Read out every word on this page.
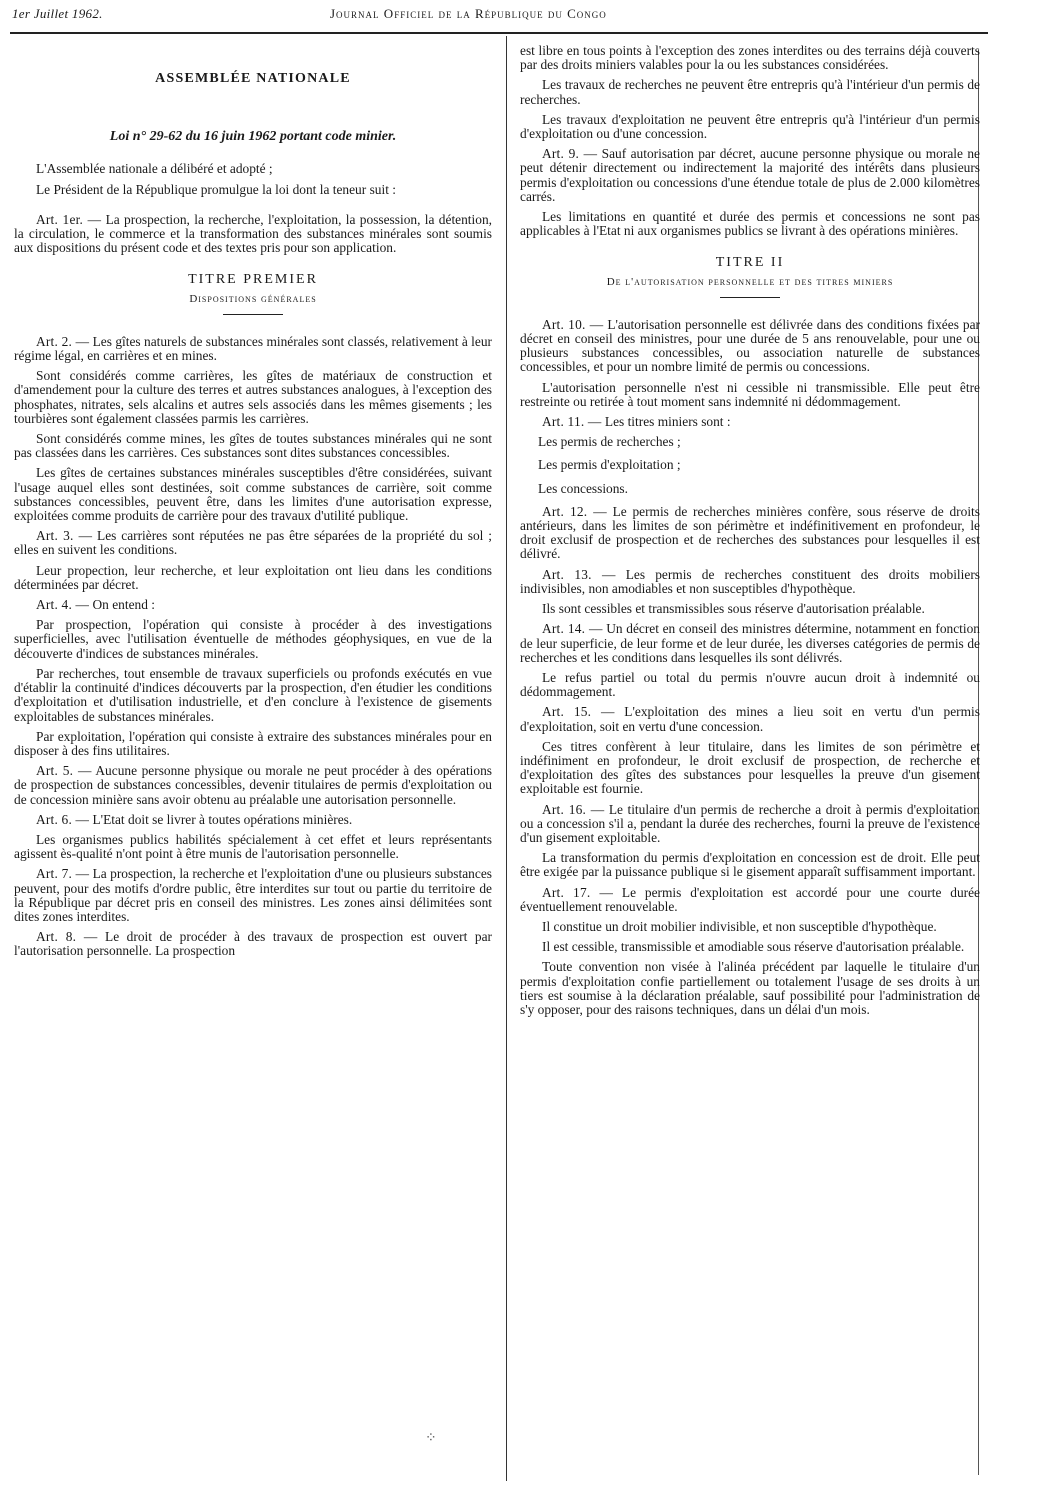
1er Juillet 1962.	Journal Officiel de la République du Congo
ASSEMBLÉE NATIONALE
Loi n° 29-62 du 16 juin 1962 portant code minier.

L'Assemblée nationale a délibéré et adopté ;

Le Président de la République promulgue la loi dont la teneur suit :

Art. 1er. — La prospection, la recherche, l'exploitation, la possession, la détention, la circulation, le commerce et la transformation des substances minérales sont soumis aux dispositions du présent code et des textes pris pour son application.

TITRE PREMIER
Dispositions générales

Art. 2. — Les gîtes naturels de substances minérales sont classés, relativement à leur régime légal, en carrières et en mines.

Sont considérés comme carrières, les gîtes de matériaux de construction et d'amendement pour la culture des terres et autres substances analogues, à l'exception des phosphates, nitrates, sels alcalins et autres sels associés dans les mêmes gisements ; les tourbières sont également classées parmis les carrières.

Sont considérés comme mines, les gîtes de toutes substances minérales qui ne sont pas classées dans les carrières. Ces substances sont dites substances concessibles.

Les gîtes de certaines substances minérales susceptibles d'être considérées, suivant l'usage auquel elles sont destinées, soit comme substances de carrière, soit comme substances concessibles, peuvent être, dans les limites d'une autorisation expresse, exploitées comme produits de carrière pour des travaux d'utilité publique.

Art. 3. — Les carrières sont réputées ne pas être séparées de la propriété du sol ; elles en suivent les conditions.

Leur propection, leur recherche, et leur exploitation ont lieu dans les conditions déterminées par décret.

Art. 4. — On entend :

Par prospection, l'opération qui consiste à procéder à des investigations superficielles, avec l'utilisation éventuelle de méthodes géophysiques, en vue de la découverte d'indices de substances minérales.

Par recherches, tout ensemble de travaux superficiels ou profonds exécutés en vue d'établir la continuité d'indices découverts par la prospection, d'en étudier les conditions d'exploitation et d'utilisation industrielle, et d'en conclure à l'existence de gisements exploitables de substances minérales.

Par exploitation, l'opération qui consiste à extraire des substances minérales pour en disposer à des fins utilitaires.

Art. 5. — Aucune personne physique ou morale ne peut procéder à des opérations de prospection de substances concessibles, devenir titulaires de permis d'exploitation ou de concession minière sans avoir obtenu au préalable une autorisation personnelle.

Art. 6. — L'Etat doit se livrer à toutes opérations minières.

Les organismes publics habilités spécialement à cet effet et leurs représentants agissent ès-qualité n'ont point à être munis de l'autorisation personnelle.

Art. 7. — La prospection, la recherche et l'exploitation d'une ou plusieurs substances peuvent, pour des motifs d'ordre public, être interdites sur tout ou partie du territoire de la République par décret pris en conseil des ministres. Les zones ainsi délimitées sont dites zones interdites.

Art. 8. — Le droit de procéder à des travaux de prospection est ouvert par l'autorisation personnelle. La prospection

est libre en tous points à l'exception des zones interdites ou des terrains déjà couverts par des droits miniers valables pour la ou les substances considérées.

Les travaux de recherches ne peuvent être entrepris qu'à l'intérieur d'un permis de recherches.

Les travaux d'exploitation ne peuvent être entrepris qu'à l'intérieur d'un permis d'exploitation ou d'une concession.

Art. 9. — Sauf autorisation par décret, aucune personne physique ou morale ne peut détenir directement ou indirectement la majorité des intérêts dans plusieurs permis d'exploitation ou concessions d'une étendue totale de plus de 2.000 kilomètres carrés.

Les limitations en quantité et durée des permis et concessions ne sont pas applicables à l'Etat ni aux organismes publics se livrant à des opérations minières.

TITRE II
De l'autorisation personnelle et des titres miniers

Art. 10. — L'autorisation personnelle est délivrée dans des conditions fixées par décret en conseil des ministres, pour une durée de 5 ans renouvelable, pour une ou plusieurs substances concessibles, ou association naturelle de substances concessibles, et pour un nombre limité de permis ou concessions.

L'autorisation personnelle n'est ni cessible ni transmissible. Elle peut être restreinte ou retirée à tout moment sans indemnité ni dédommagement.

Art. 11. — Les titres miniers sont :

Les permis de recherches ;

Les permis d'exploitation ;

Les concessions.

Art. 12. — Le permis de recherches minières confère, sous réserve de droits antérieurs, dans les limites de son périmètre et indéfinitivement en profondeur, le droit exclusif de prospection et de recherches des substances pour lesquelles il est délivré.

Art. 13. — Les permis de recherches constituent des droits mobiliers indivisibles, non amodiables et non susceptibles d'hypothèque.

Ils sont cessibles et transmissibles sous réserve d'autorisation préalable.

Art. 14. — Un décret en conseil des ministres détermine, notamment en fonction de leur superficie, de leur forme et de leur durée, les diverses catégories de permis de recherches et les conditions dans lesquelles ils sont délivrés.

Le refus partiel ou total du permis n'ouvre aucun droit à indemnité ou dédommagement.

Art. 15. — L'exploitation des mines a lieu soit en vertu d'un permis d'exploitation, soit en vertu d'une concession.

Ces titres confèrent à leur titulaire, dans les limites de son périmètre et indéfiniment en profondeur, le droit exclusif de prospection, de recherche et d'exploitation des gîtes des substances pour lesquelles la preuve d'un gisement exploitable est fournie.

Art. 16. — Le titulaire d'un permis de recherche a droit à permis d'exploitation ou a concession s'il a, pendant la durée des recherches, fourni la preuve de l'existence d'un gisement exploitable.

La transformation du permis d'exploitation en concession est de droit. Elle peut être exigée par la puissance publique si le gisement apparaît suffisamment important.

Art. 17. — Le permis d'exploitation est accordé pour une courte durée éventuellement renouvelable.

Il constitue un droit mobilier indivisible, et non susceptible d'hypothèque.

Il est cessible, transmissible et amodiable sous réserve d'autorisation préalable.

Toute convention non visée à l'alinéa précédent par laquelle le titulaire d'un permis d'exploitation confie partiellement ou totalement l'usage de ses droits à un tiers est soumise à la déclaration préalable, sauf possibilité pour l'administration de s'y opposer, pour des raisons techniques, dans un délai d'un mois.

⁘
